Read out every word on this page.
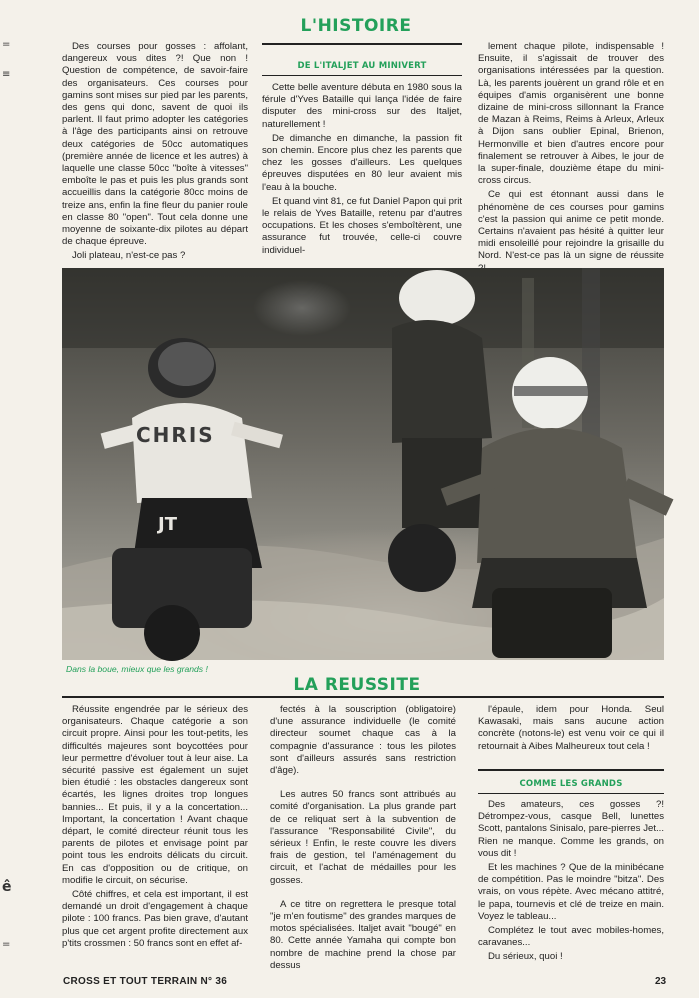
=
≡
ê
=
L'HISTOIRE
DE L'ITALJET AU MINIVERT

Des courses pour gosses : affolant, dangereux vous dites ?! Que non ! Question de compétence, de savoir-faire des organisateurs. Ces courses pour gamins sont mises sur pied par les parents, des gens qui donc, savent de quoi ils parlent. Il faut primo adopter les catégories à l'âge des participants ainsi on retrouve deux catégories de 50cc automatiques (première année de licence et les autres) à laquelle une classe 50cc "boîte à vitesses" emboîte le pas et puis les plus grands sont accueillis dans la catégorie 80cc moins de treize ans, enfin la fine fleur du panier roule en classe 80 "open". Tout cela donne une moyenne de soixante-dix pilotes au départ de chaque épreuve.

Joli plateau, n'est-ce pas ?

Cette belle aventure débuta en 1980 sous la férule d'Yves Bataille qui lança l'idée de faire disputer des mini-cross sur des Italjet, naturellement !

De dimanche en dimanche, la passion fit son chemin. Encore plus chez les parents que chez les gosses d'ailleurs. Les quelques épreuves disputées en 80 leur avaient mis l'eau à la bouche.

Et quand vint 81, ce fut Daniel Papon qui prit le relais de Yves Bataille, retenu par d'autres occupations. Et les choses s'emboîtèrent, une assurance fut trouvée, celle-ci couvre individuel-

lement chaque pilote, indispensable ! Ensuite, il s'agissait de trouver des organisations intéressées par la question. Là, les parents jouèrent un grand rôle et en équipes d'amis organisèrent une bonne dizaine de mini-cross sillonnant la France de Mazan à Reims, Reims à Arleux, Arleux à Dijon sans oublier Epinal, Brienon, Hermonville et bien d'autres encore pour finalement se retrouver à Aibes, le jour de la super-finale, douzième étape du mini-cross circus.

Ce qui est étonnant aussi dans le phénomène de ces courses pour gamins c'est la passion qui anime ce petit monde. Certains n'avaient pas hésité à quitter leur midi ensoleillé pour rejoindre la grisaille du Nord. N'est-ce pas là un signe de réussite

CHRIS
JT
Dans la boue, mieux que les grands !
LA REUSSITE

Réussite engendrée par le sérieux des organisateurs. Chaque catégorie a son circuit propre. Ainsi pour les tout-petits, les difficultés majeures sont boycottées pour leur permettre d'évoluer tout à leur aise. La sécurité passive est également un sujet bien étudié : les obstacles dangereux sont écartés, les lignes droites trop longues bannies... Et puis, il y a la concertation... Important, la concertation ! Avant chaque départ, le comité directeur réunit tous les parents de pilotes et envisage point par point tous les endroits délicats du circuit. En cas d'opposition ou de critique, on modifie le circuit, on sécurise.

Côté chiffres, et cela est important, il est demandé un droit d'engagement à chaque pilote : 100 francs. Pas bien grave, d'autant plus que cet argent profite directement aux p'tits crossmen : 50 francs sont en effet af-

fectés à la souscription (obligatoire) d'une assurance individuelle (le comité directeur soumet chaque cas à la compagnie d'assurance : tous les pilotes sont d'ailleurs assurés sans restriction d'âge).

Les autres 50 francs sont attribués au comité d'organisation. La plus grande part de ce reliquat sert à la subvention de l'assurance "Responsabilité Civile", du sérieux ! Enfin, le reste couvre les divers frais de gestion, tel l'aménagement du circuit, et l'achat de médailles pour les gosses.

A ce titre on regrettera le presque total "je m'en foutisme" des grandes marques de motos spécialisées. Italjet avait "bougé" en 80. Cette année Yamaha qui compte bon nombre de machine prend la chose par dessus

l'épaule, idem pour Honda. Seul Kawasaki, mais sans aucune action concrète (notons-le) est venu voir ce qui il retournait à Aibes Malheureux tout cela !

COMME LES GRANDS

Des amateurs, ces gosses ?! Détrompez-vous, casque Bell, lunettes Scott, pantalons Sinisalo, pare-pierres Jet... Rien ne manque. Comme les grands, on vous dit !

Et les machines ? Que de la minibécane de compétition. Pas le moindre "bitza". Des vrais, on vous répète. Avec mécano attitré, le papa, tournevis et clé de treize en main. Voyez le tableau...

Complétez le tout avec mobiles-homes, caravanes...

Du sérieux, quoi !

CROSS ET TOUT TERRAIN N° 36	23
